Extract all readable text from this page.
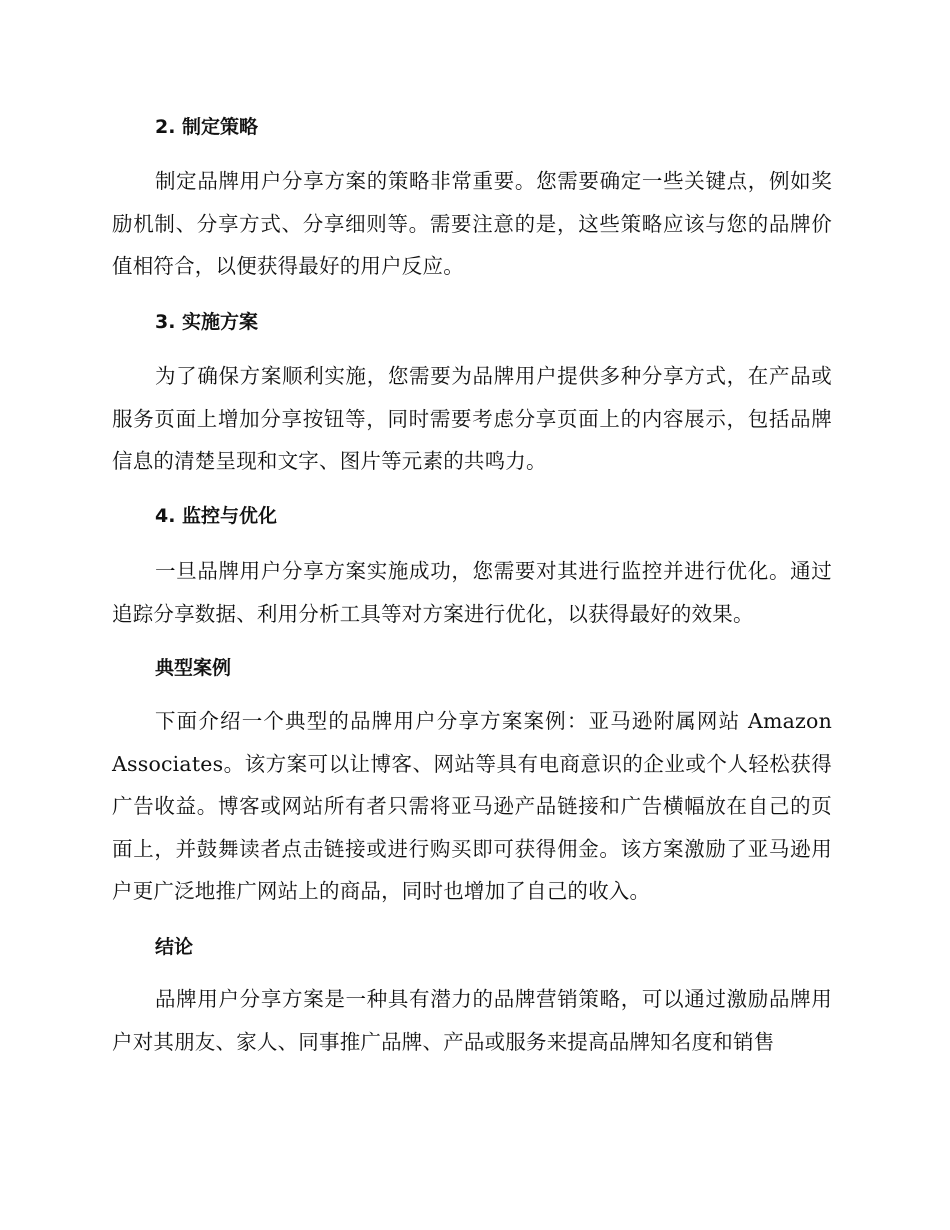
2. 制定策略

制定品牌用户分享方案的策略非常重要。您需要确定一些关键点，例如奖励机制、分享方式、分享细则等。需要注意的是，这些策略应该与您的品牌价值相符合，以便获得最好的用户反应。

3. 实施方案

为了确保方案顺利实施，您需要为品牌用户提供多种分享方式，在产品或服务页面上增加分享按钮等，同时需要考虑分享页面上的内容展示，包括品牌信息的清楚呈现和文字、图片等元素的共鸣力。

4. 监控与优化

一旦品牌用户分享方案实施成功，您需要对其进行监控并进行优化。通过追踪分享数据、利用分析工具等对方案进行优化，以获得最好的效果。

典型案例

下面介绍一个典型的品牌用户分享方案案例：亚马逊附属网站 Amazon Associates。该方案可以让博客、网站等具有电商意识的企业或个人轻松获得广告收益。博客或网站所有者只需将亚马逊产品链接和广告横幅放在自己的页面上，并鼓舞读者点击链接或进行购买即可获得佣金。该方案激励了亚马逊用户更广泛地推广网站上的商品，同时也增加了自己的收入。

结论

品牌用户分享方案是一种具有潜力的品牌营销策略，可以通过激励品牌用户对其朋友、家人、同事推广品牌、产品或服务来提高品牌知名度和销售
